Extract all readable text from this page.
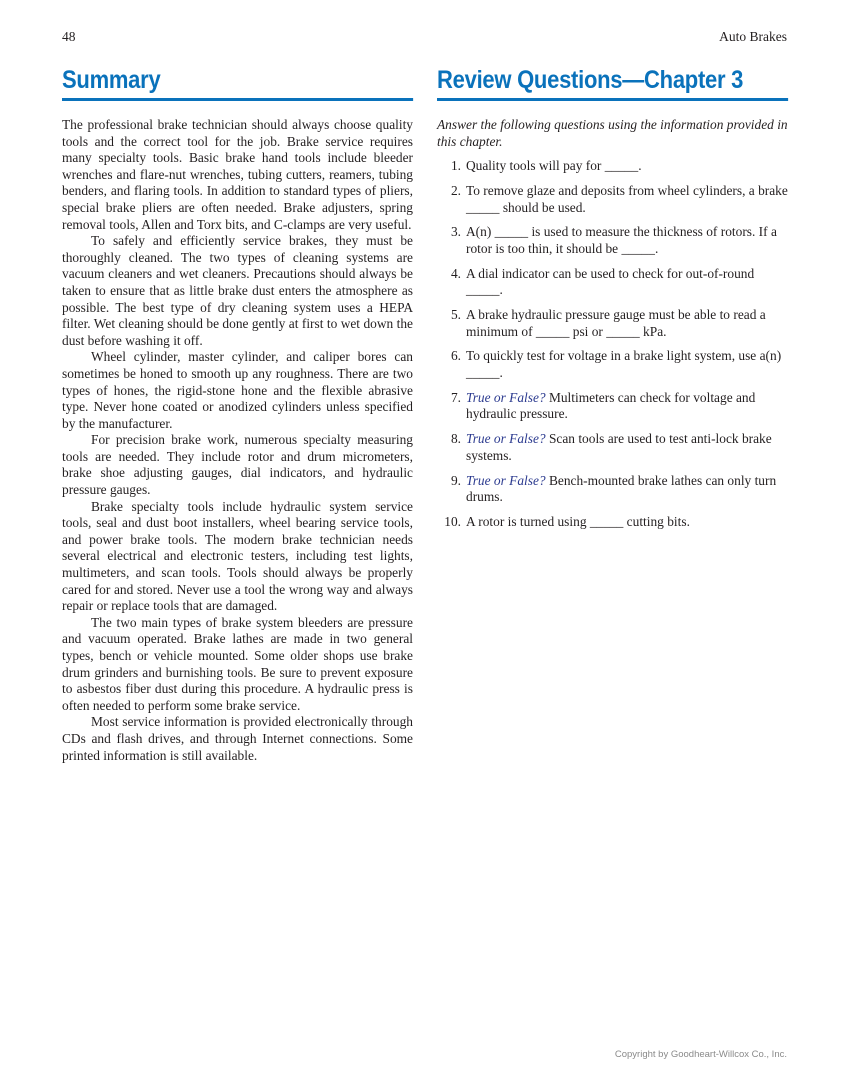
48	Auto Brakes
Summary

The professional brake technician should always choose quality tools and the correct tool for the job. Brake service requires many specialty tools. Basic brake hand tools include bleeder wrenches and flare-nut wrenches, tubing cutters, reamers, tubing benders, and flaring tools. In addition to standard types of pliers, special brake pliers are often needed. Brake adjusters, spring removal tools, Allen and Torx bits, and C-clamps are very useful.

To safely and efficiently service brakes, they must be thoroughly cleaned. The two types of cleaning systems are vacuum cleaners and wet cleaners. Precautions should always be taken to ensure that as little brake dust enters the atmosphere as possible. The best type of dry cleaning system uses a HEPA filter. Wet cleaning should be done gently at first to wet down the dust before washing it off.

Wheel cylinder, master cylinder, and caliper bores can sometimes be honed to smooth up any roughness. There are two types of hones, the rigid-stone hone and the flexible abrasive type. Never hone coated or anodized cylinders unless specified by the manufacturer.

For precision brake work, numerous specialty measuring tools are needed. They include rotor and drum micrometers, brake shoe adjusting gauges, dial indicators, and hydraulic pressure gauges.

Brake specialty tools include hydraulic system service tools, seal and dust boot installers, wheel bearing service tools, and power brake tools. The modern brake technician needs several electrical and electronic testers, including test lights, multimeters, and scan tools. Tools should always be properly cared for and stored. Never use a tool the wrong way and always repair or replace tools that are damaged.

The two main types of brake system bleeders are pressure and vacuum operated. Brake lathes are made in two general types, bench or vehicle mounted. Some older shops use brake drum grinders and burnishing tools. Be sure to prevent exposure to asbestos fiber dust during this procedure. A hydraulic press is often needed to perform some brake service.

Most service information is provided electronically through CDs and flash drives, and through Internet connections. Some printed information is still available.

Review Questions—Chapter 3
Answer the following questions using the information provided in this chapter.
1. Quality tools will pay for _____.
2. To remove glaze and deposits from wheel cylinders, a brake _____ should be used.
3. A(n) _____ is used to measure the thickness of rotors. If a rotor is too thin, it should be _____.
4. A dial indicator can be used to check for out-of-round _____.
5. A brake hydraulic pressure gauge must be able to read a minimum of _____ psi or _____ kPa.
6. To quickly test for voltage in a brake light system, use a(n) _____.
7. True or False? Multimeters can check for voltage and hydraulic pressure.
8. True or False? Scan tools are used to test anti-lock brake systems.
9. True or False? Bench-mounted brake lathes can only turn drums.
10. A rotor is turned using _____ cutting bits.
Copyright by Goodheart-Willcox Co., Inc.
